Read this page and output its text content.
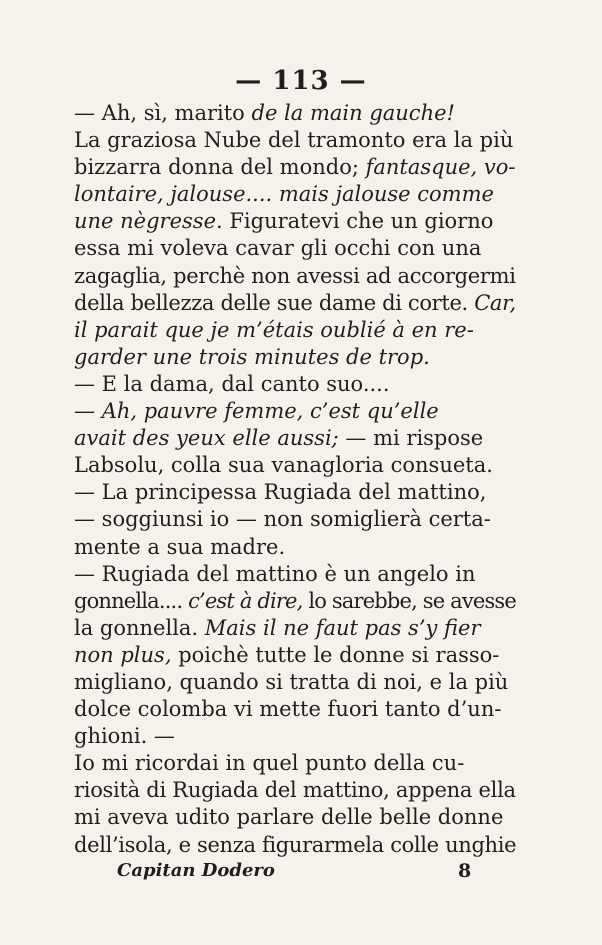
— 113 —
— Ah, sì, marito de la main gauche!
La graziosa Nube del tramonto era la più
bizzarra donna del mondo; fantasque, vo-
lontaire, jalouse.... mais jalouse comme
une nègresse. Figuratevi che un giorno
essa mi voleva cavar gli occhi con una
zagaglia, perchè non avessi ad accorgermi
della bellezza delle sue dame di corte. Car,
il parait que je m’étais oublié à en re-
garder une trois minutes de trop.
— E la dama, dal canto suo....
— Ah, pauvre femme, c’est qu’elle
avait des yeux elle aussi; — mi rispose
Labsolu, colla sua vanagloria consueta.
— La principessa Rugiada del mattino,
— soggiunsi io — non somiglierà certa-
mente a sua madre.
— Rugiada del mattino è un angelo in
gonnella.... c’est à dire, lo sarebbe, se avesse
la gonnella. Mais il ne faut pas s’y fier
non plus, poichè tutte le donne si rasso-
migliano, quando si tratta di noi, e la più
dolce colomba vi mette fuori tanto d’un-
ghioni. —
Io mi ricordai in quel punto della cu-
riosità di Rugiada del mattino, appena ella
mi aveva udito parlare delle belle donne
dell’isola, e senza figurarmela colle unghie
Capitan Dodero	8
